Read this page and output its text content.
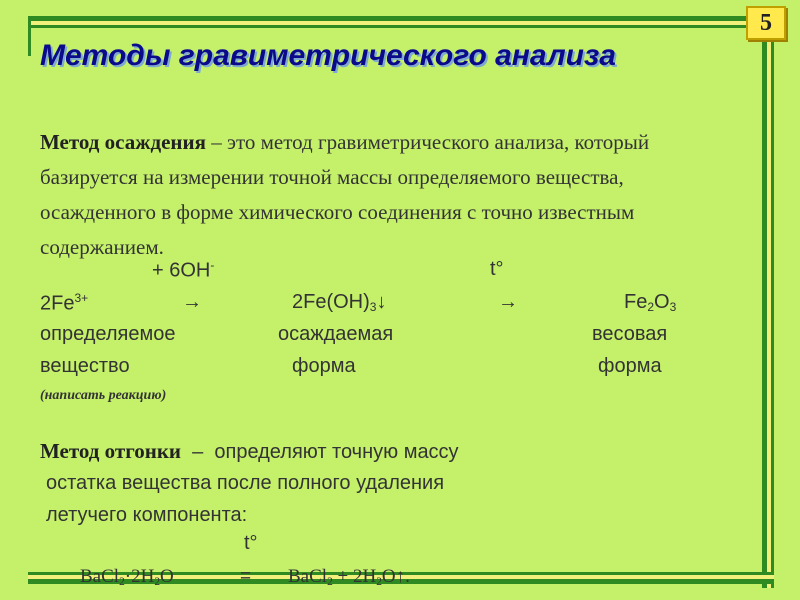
5
Методы гравиметрического анализа
Метод осаждения – это метод гравиметрического анализа, который базируется на измерении точной массы определяемого вещества, осажденного в форме химического соединения с точно известным содержанием.
+ 6OH-	t°
$2Fe^{3+}$	→	$2Fe(OH)_3↓$	→	$Fe_2O_3$
определяемое	осаждаемая	весовая
вещество	форма	форма
(написать реакцию)
Метод отгонки  –  определяют точную массу
остатка вещества после полного удаления
летучего компонента:
t°
$BaCl_2\cdot 2H_2O$	= BaCl$_2$ + $2H_2O↑$.
